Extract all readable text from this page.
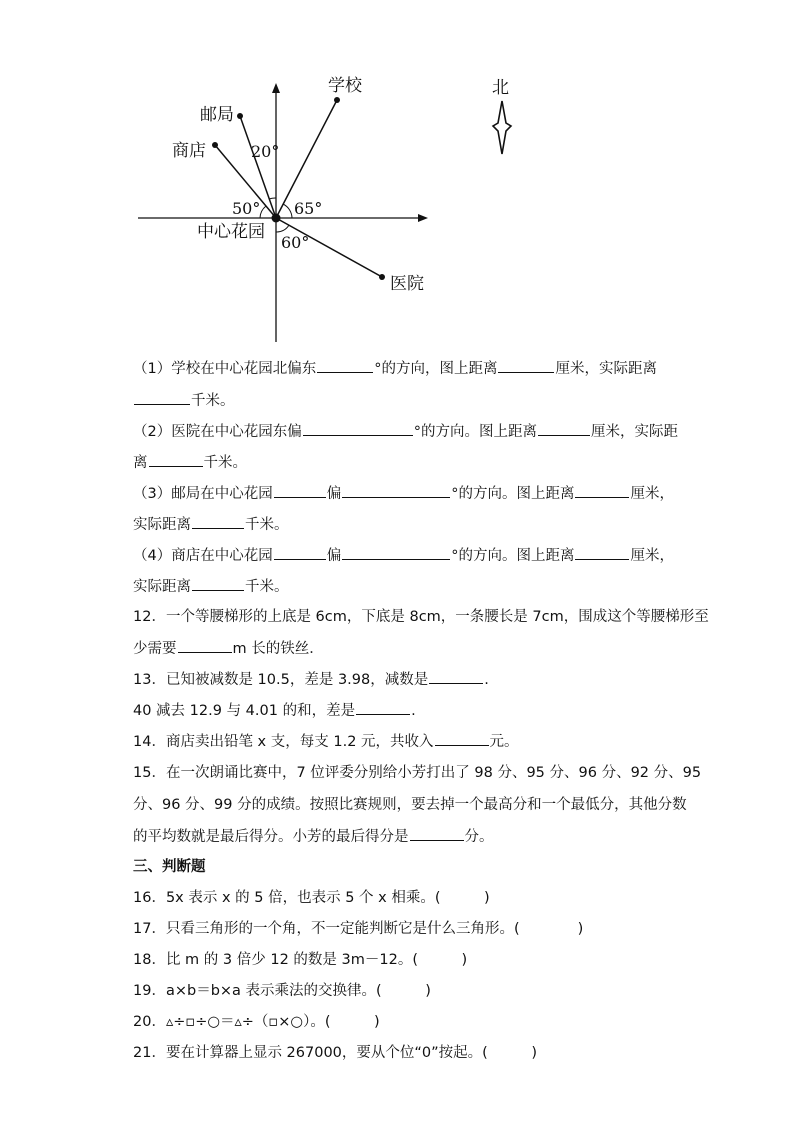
学校
邮局
商店
医院
中心花园
20°
50° 65°
60°
北
（1）学校在中心花园北偏东	°的方向，图上距离	厘米，实际距离
千米。
（2）医院在中心花园东偏	°的方向。图上距离	厘米，实际距
离	千米。
（3）邮局在中心花园	偏	°的方向。图上距离	厘米，
实际距离	千米。
（4）商店在中心花园	偏	°的方向。图上距离	厘米，
实际距离	千米。
12．一个等腰梯形的上底是 6cm，下底是 8cm，一条腰长是 7cm，围成这个等腰梯形至
少需要	m 长的铁丝．
13．已知被减数是 10.5，差是 3.98，减数是	.
40 减去 12.9 与 4.01 的和，差是	.
14．商店卖出铅笔 x 支，每支 1.2 元，共收入	元。
15．在一次朗诵比赛中，7 位评委分别给小芳打出了 98 分、95 分、96 分、92 分、95
分、96 分、99 分的成绩。按照比赛规则，要去掉一个最高分和一个最低分，其他分数
的平均数就是最后得分。小芳的最后得分是	分。
三、判断题
16．5x 表示 x 的 5 倍，也表示 5 个 x 相乘。(　　　)
17．只看三角形的一个角，不一定能判断它是什么三角形。(　　　　)
18．比 m 的 3 倍少 12 的数是 3m－12。(　　　)
19．a×b＝b×a 表示乘法的交换律。(　　　)
20．▵÷▫÷○＝▵÷（▫×○）。(　　　)
21．要在计算器上显示 267000，要从个位“0”按起。(　　　)
